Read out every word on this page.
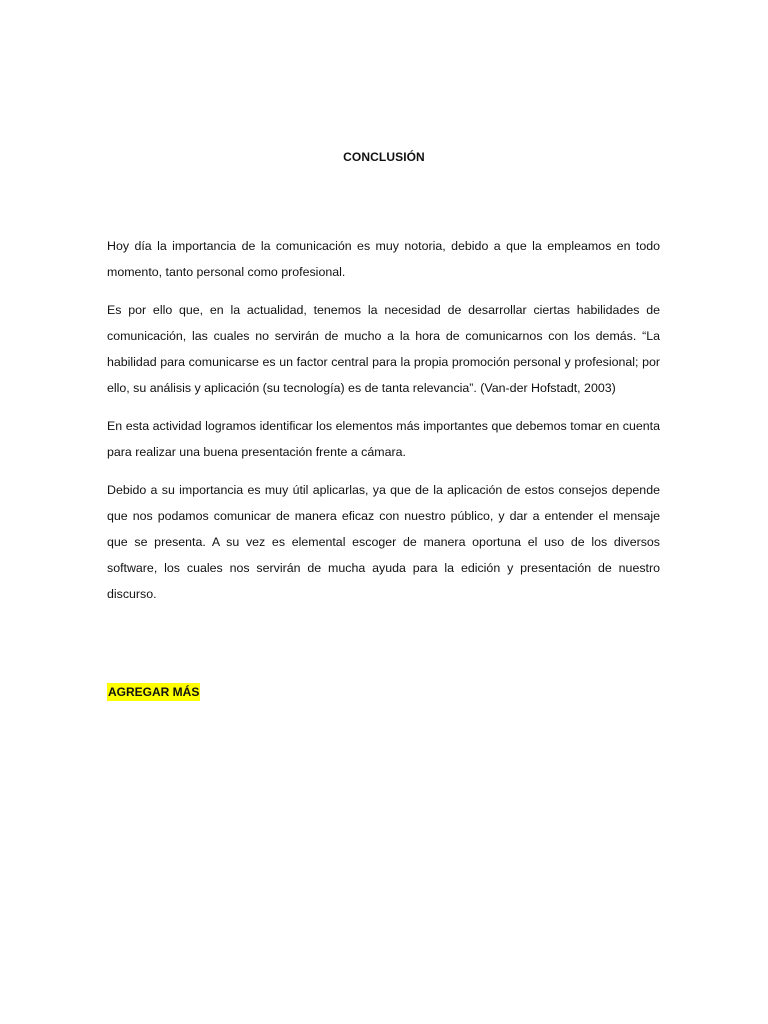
CONCLUSIÓN

Hoy día la importancia de la comunicación es muy notoria, debido a que la empleamos en todo momento, tanto personal como profesional.

Es por ello que, en la actualidad, tenemos la necesidad de desarrollar ciertas habilidades de comunicación, las cuales no servirán de mucho a la hora de comunicarnos con los demás. “La habilidad para comunicarse es un factor central para la propia promoción personal y profesional; por ello, su análisis y aplicación (su tecnología) es de tanta relevancia”. (Van-der Hofstadt, 2003)

En esta actividad logramos identificar los elementos más importantes que debemos tomar en cuenta para realizar una buena presentación frente a cámara.

Debido a su importancia es muy útil aplicarlas, ya que de la aplicación de estos consejos depende que nos podamos comunicar de manera eficaz con nuestro público, y dar a entender el mensaje que se presenta. A su vez es elemental escoger de manera oportuna el uso de los diversos software, los cuales nos servirán de mucha ayuda para la edición y presentación de nuestro discurso.

AGREGAR MÁS
